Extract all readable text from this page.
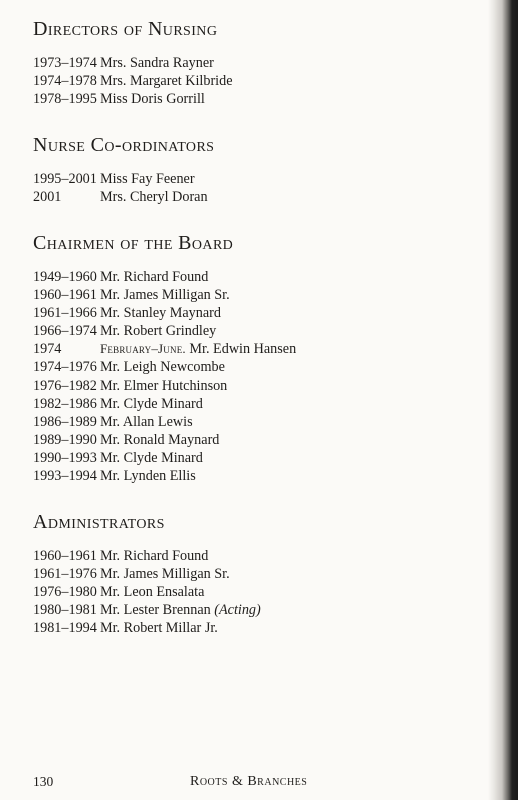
Directors of Nursing
1973–1974 Mrs. Sandra Rayner
1974–1978 Mrs. Margaret Kilbride
1978–1995 Miss Doris Gorrill
Nurse Co-ordinators
1995–2001 Miss Fay Feener
2001	Mrs. Cheryl Doran
Chairmen of the Board
1949–1960 Mr. Richard Found
1960–1961 Mr. James Milligan Sr.
1961–1966 Mr. Stanley Maynard
1966–1974 Mr. Robert Grindley
1974	February–June. Mr. Edwin Hansen
1974–1976 Mr. Leigh Newcombe
1976–1982 Mr. Elmer Hutchinson
1982–1986 Mr. Clyde Minard
1986–1989 Mr. Allan Lewis
1989–1990 Mr. Ronald Maynard
1990–1993 Mr. Clyde Minard
1993–1994 Mr. Lynden Ellis
Administrators
1960–1961 Mr. Richard Found
1961–1976 Mr. James Milligan Sr.
1976–1980 Mr. Leon Ensalata
1980–1981 Mr. Lester Brennan (Acting)
1981–1994 Mr. Robert Millar Jr.
130	Roots & Branches
